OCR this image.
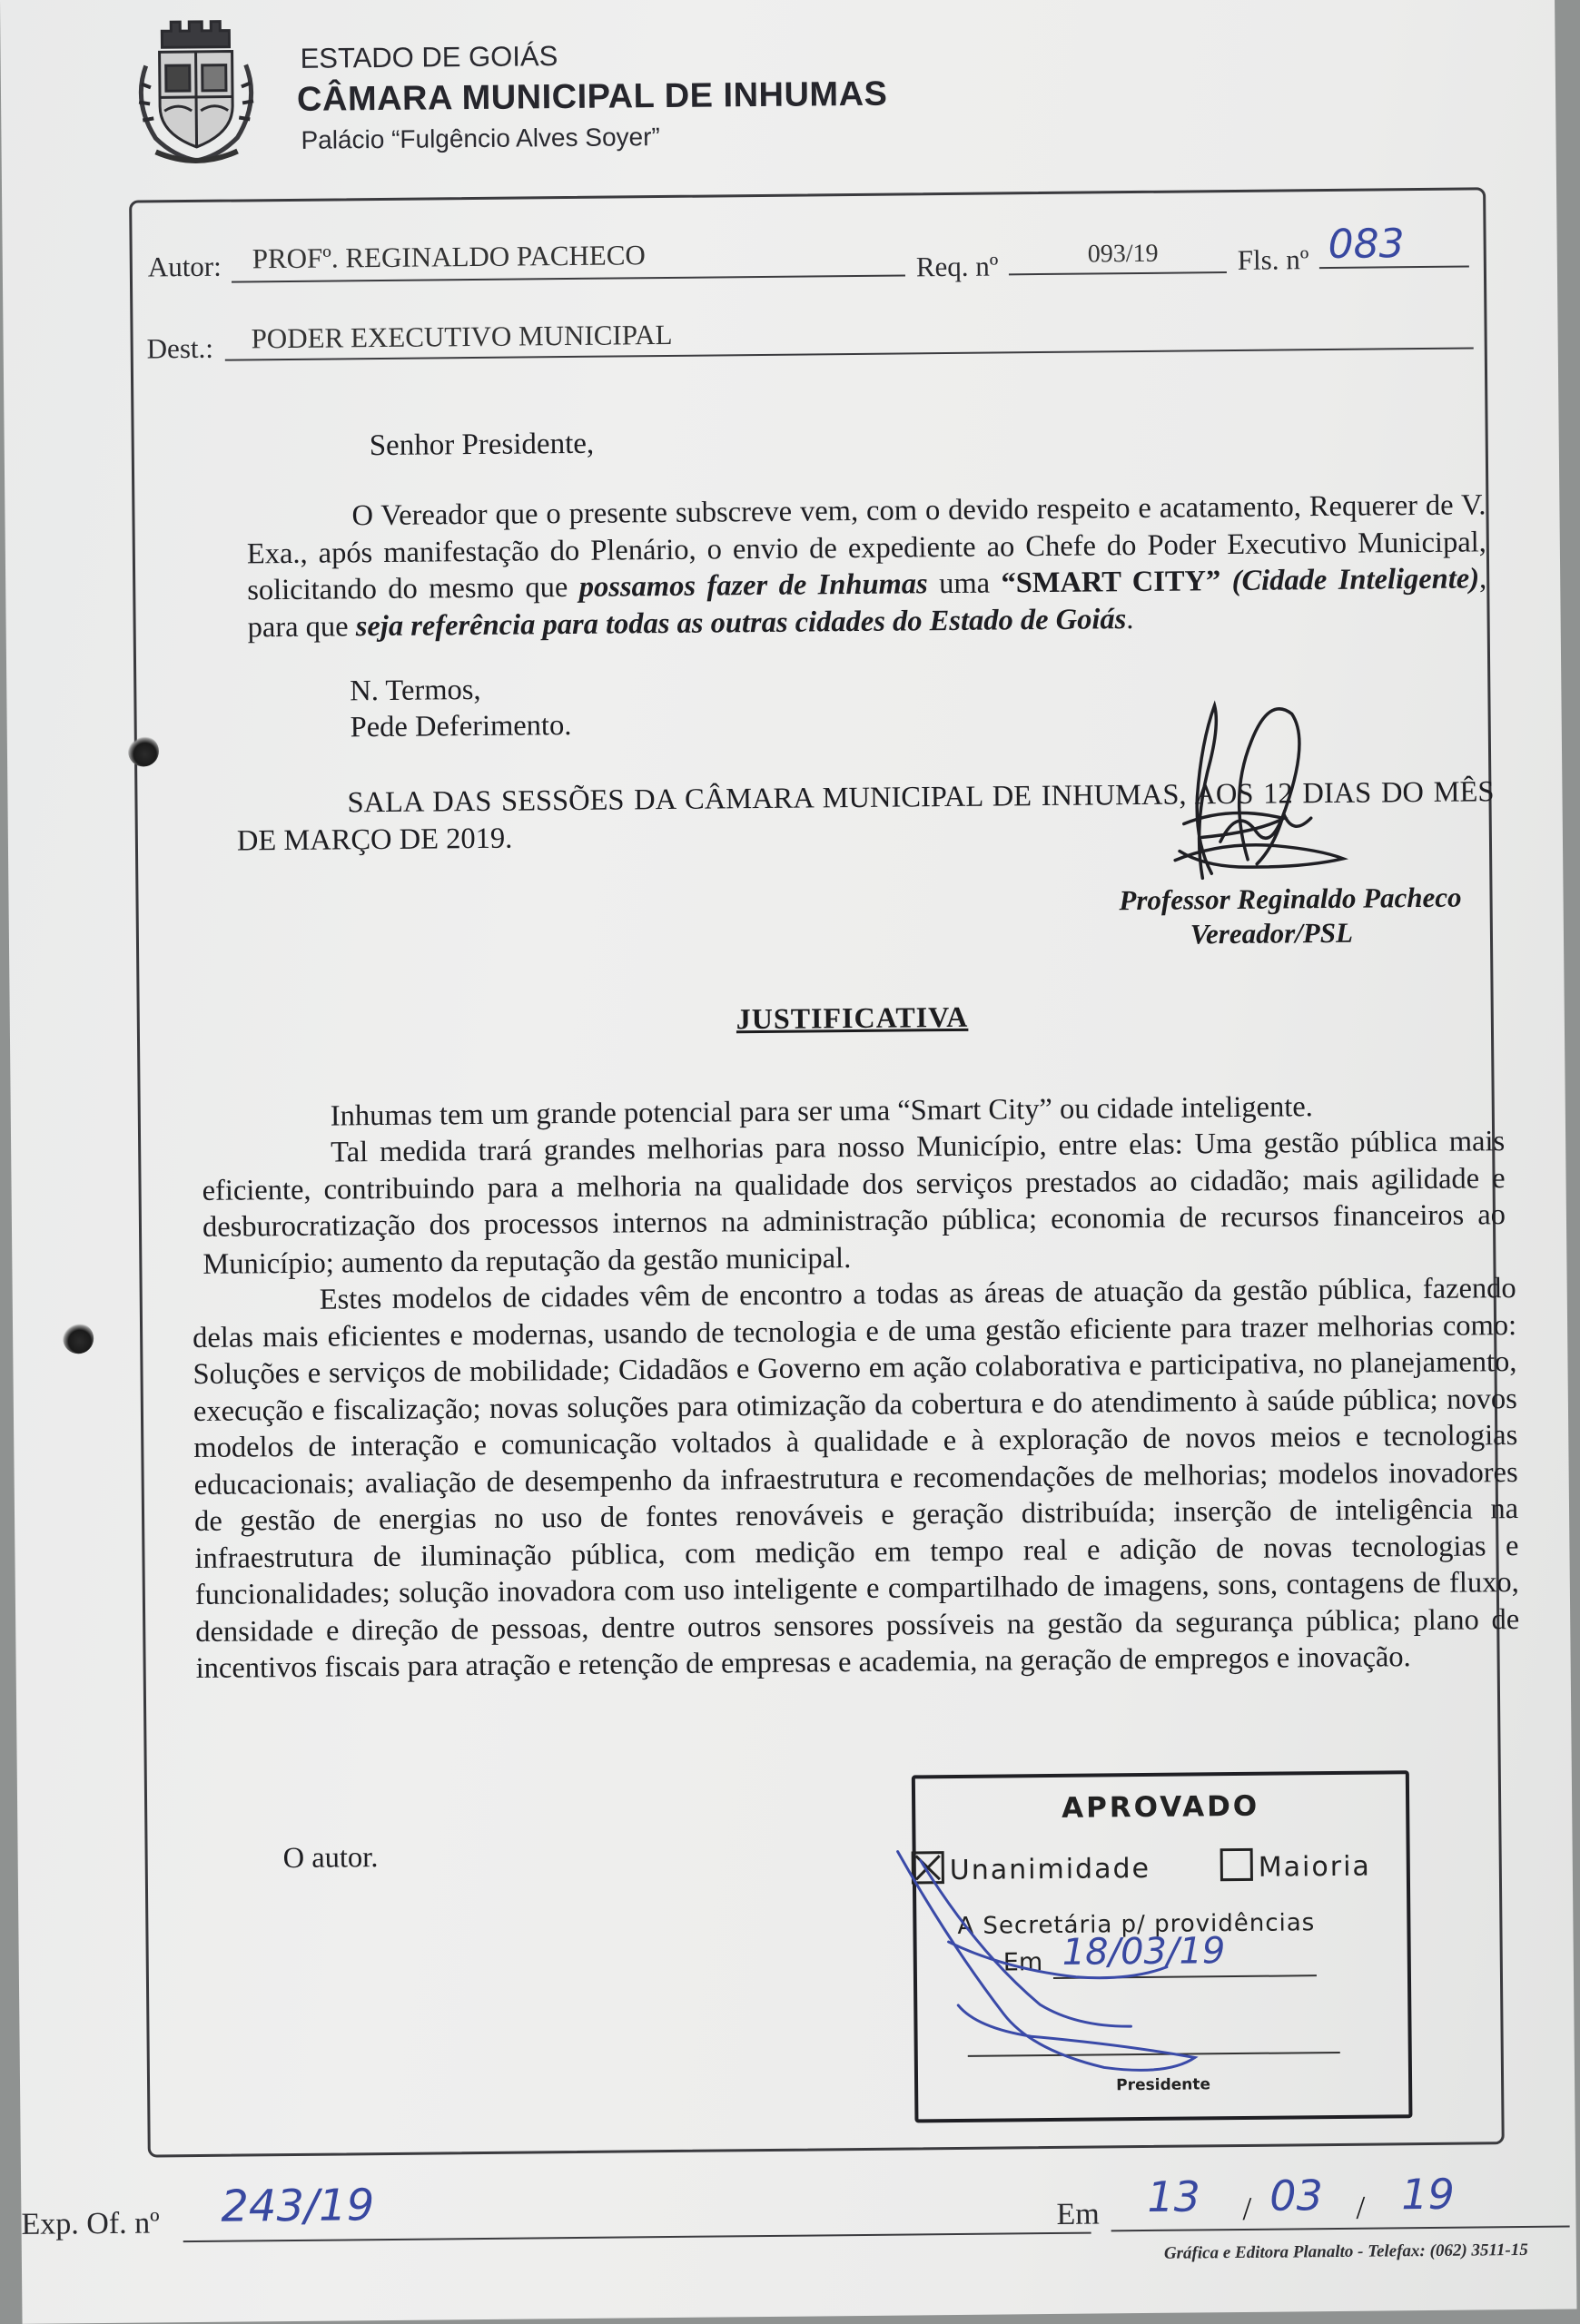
ESTADO DE GOIÁS
CÂMARA MUNICIPAL DE INHUMAS
Palácio “Fulgêncio Alves Soyer”
Autor: PROFº. REGINALDO PACHECO	Req. nº	093/19	Fls. nº 083
Dest.: PODER EXECUTIVO MUNICIPAL
Senhor Presidente,
O Vereador que o presente subscreve vem, com o devido respeito e acatamento, Requerer de V. Exa., após manifestação do Plenário, o envio de expediente ao Chefe do Poder Executivo Municipal, solicitando do mesmo que possamos fazer de Inhumas uma “SMART CITY” (Cidade Inteligente), para que seja referência para todas as outras cidades do Estado de Goiás.
N. Termos,
Pede Deferimento.
SALA DAS SESSÕES DA CÂMARA MUNICIPAL DE INHUMAS, AOS 12 DIAS DO MÊS DE MARÇO DE 2019.
Professor Reginaldo Pacheco
Vereador/PSL
JUSTIFICATIVA
Inhumas tem um grande potencial para ser uma “Smart City” ou cidade inteligente.
Tal medida trará grandes melhorias para nosso Município, entre elas: Uma gestão pública mais eficiente, contribuindo para a melhoria na qualidade dos serviços prestados ao cidadão; mais agilidade e desburocratização dos processos internos na administração pública; economia de recursos financeiros ao Município; aumento da reputação da gestão municipal.
Estes modelos de cidades vêm de encontro a todas as áreas de atuação da gestão pública, fazendo delas mais eficientes e modernas, usando de tecnologia e de uma gestão eficiente para trazer melhorias como: Soluções e serviços de mobilidade; Cidadãos e Governo em ação colaborativa e participativa, no planejamento, execução e fiscalização; novas soluções para otimização da cobertura e do atendimento à saúde pública; novos modelos de interação e comunicação voltados à qualidade e à exploração de novos meios e tecnologias educacionais; avaliação de desempenho da infraestrutura e recomendações de melhorias; modelos inovadores de gestão de energias no uso de fontes renováveis e geração distribuída; inserção de inteligência na infraestrutura de iluminação pública, com medição em tempo real e adição de novas tecnologias e funcionalidades; solução inovadora com uso inteligente e compartilhado de imagens, sons, contagens de fluxo, densidade e direção de pessoas, dentre outros sensores possíveis na gestão da segurança pública; plano de incentivos fiscais para atração e retenção de empresas e academia, na geração de empregos e inovação.
O autor.
APROVADO
Unanimidade	Maioria
A Secretária p/ providências
Em 18/03/19
Presidente
Exp. Of. nº 243/19	Em 13 / 03 / 19
Gráfica e Editora Planalto - Telefax: (062) 3511-15
